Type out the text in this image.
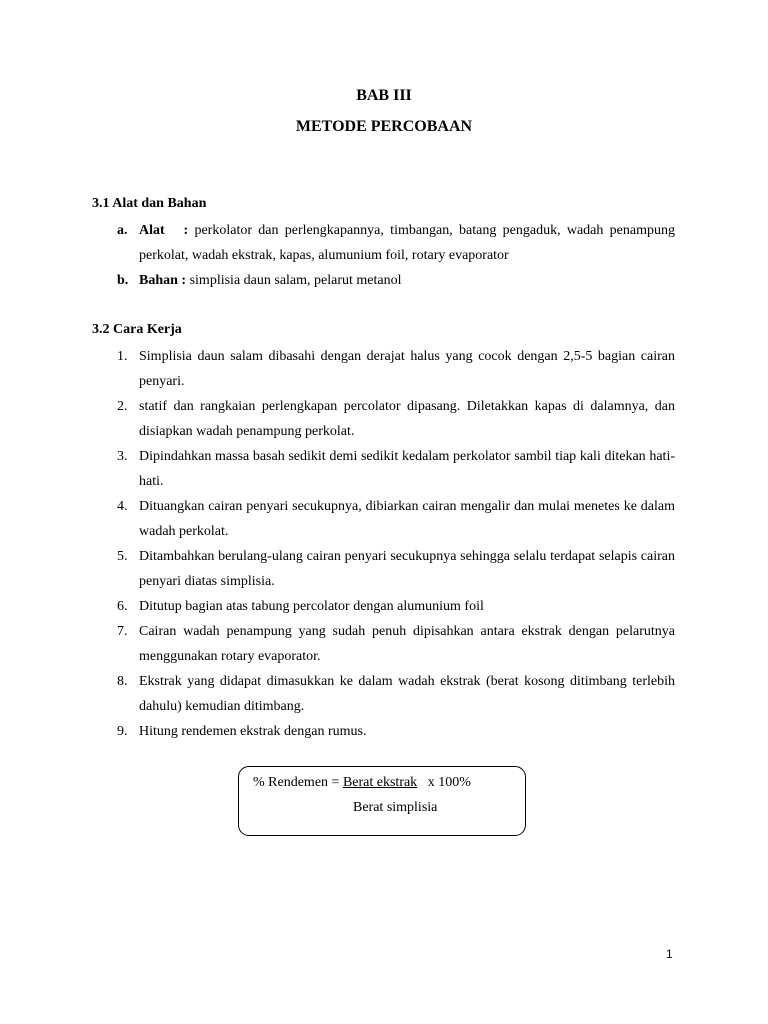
BAB III
METODE PERCOBAAN
3.1 Alat dan Bahan
a. Alat : perkolator dan perlengkapannya, timbangan, batang pengaduk, wadah penampung perkolat, wadah ekstrak, kapas, alumunium foil, rotary evaporator
b. Bahan : simplisia daun salam, pelarut metanol
3.2 Cara Kerja
1. Simplisia daun salam dibasahi dengan derajat halus yang cocok dengan 2,5-5 bagian cairan penyari.
2. statif dan rangkaian perlengkapan percolator dipasang. Diletakkan kapas di dalamnya, dan disiapkan wadah penampung perkolat.
3. Dipindahkan massa basah sedikit demi sedikit kedalam perkolator sambil tiap kali ditekan hati-hati.
4. Dituangkan cairan penyari secukupnya, dibiarkan cairan mengalir dan mulai menetes ke dalam wadah perkolat.
5. Ditambahkan berulang-ulang cairan penyari secukupnya sehingga selalu terdapat selapis cairan penyari diatas simplisia.
6. Ditutup bagian atas tabung percolator dengan alumunium foil
7. Cairan wadah penampung yang sudah penuh dipisahkan antara ekstrak dengan pelarutnya menggunakan rotary evaporator.
8. Ekstrak yang didapat dimasukkan ke dalam wadah ekstrak (berat kosong ditimbang terlebih dahulu) kemudian ditimbang.
9. Hitung rendemen ekstrak dengan rumus.
% Rendemen = Berat ekstrak x 100%
Berat simplisia
1
